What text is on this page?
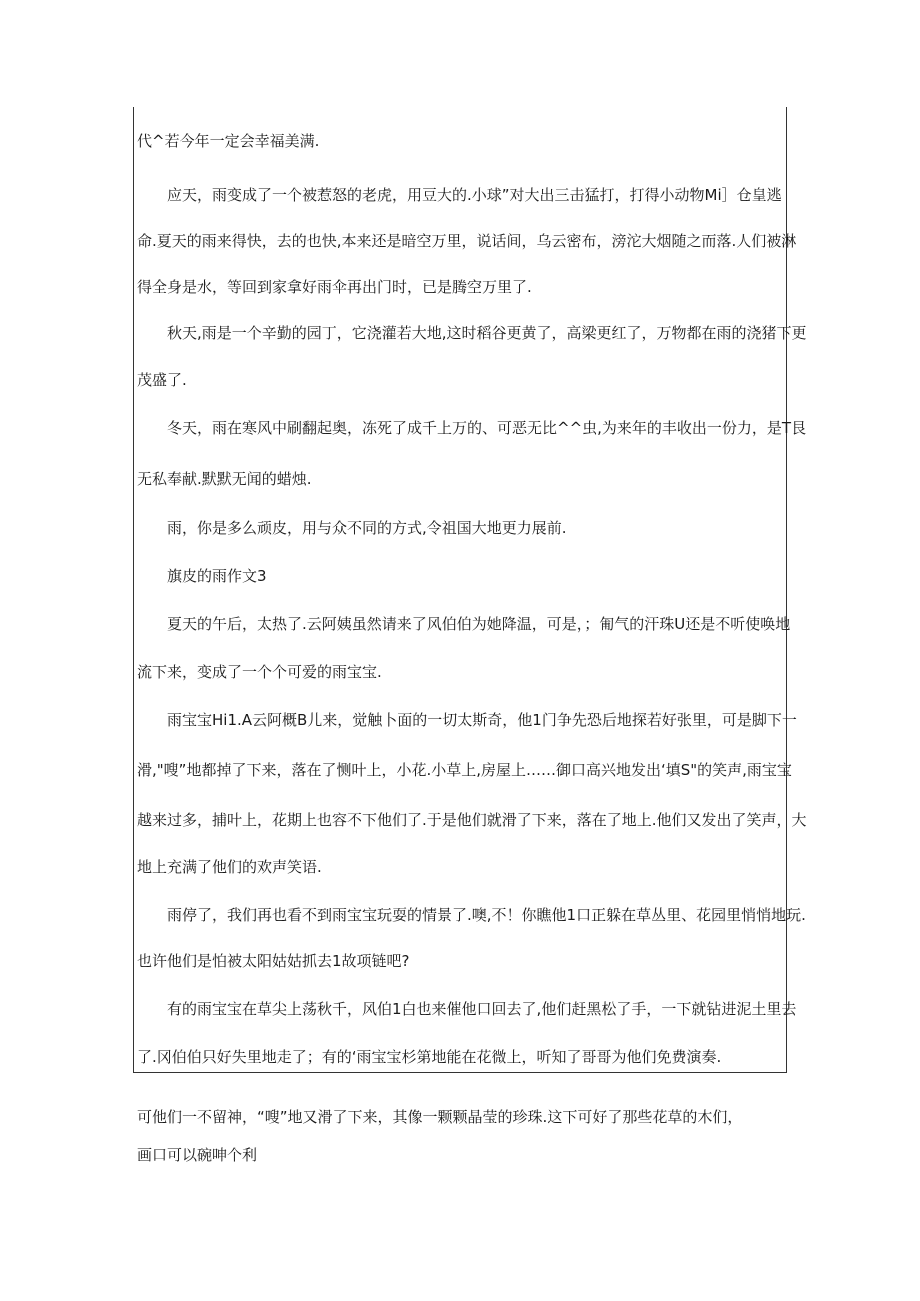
代^若今年一定会幸福美满.
应天，雨变成了一个被惹怒的老虎，用豆大的.小球”对大出三击猛打，打得小动物Mi］仓皇逃
命.夏天的雨来得快，去的也快,本来还是暗空万里，说话间，乌云密布，滂沱大烟随之而落.人们被淋
得全身是水，等回到家拿好雨伞再出门时，已是腾空万里了.
秋天,雨是一个辛勤的园丁，它浇灌若大地,这时稻谷更黄了，高梁更红了，万物都在雨的浇猪下更
茂盛了.
冬天，雨在寒风中刷翻起奥，冻死了成千上万的、可恶无比^^虫,为来年的丰收出一份力，是T艮
无私奉献.默默无闻的蜡烛.
雨，你是多么顽皮，用与众不同的方式,令祖国大地更力展前.
旗皮的雨作文3
夏天的午后，太热了.云阿姨虽然请来了风伯伯为她降温，可是，；匍气的汗珠U还是不听使唤地
流下来，变成了一个个可爱的雨宝宝.
雨宝宝Hi1.A云阿概B儿来，觉触卜面的一切太斯奇，他1门争先恐后地探若好张里，可是脚下一
滑,"嗖”地都掉了下来，落在了恻叶上，小花.小草上,房屋上……御口高兴地发出‘填S"的笑声,雨宝宝
越来过多，捕叶上，花期上也容不下他们了.于是他们就滑了下来，落在了地上.他们又发出了笑声，大
地上充满了他们的欢声笑语.
雨停了，我们再也看不到雨宝宝玩耍的情景了.噢,不！你瞧他1口正躲在草丛里、花园里悄悄地玩.
也许他们是怕被太阳姑姑抓去1故项链吧?
有的雨宝宝在草尖上荡秋千，风伯1白也来催他口回去了,他们赶黑松了手，一下就钻进泥土里去
了.冈伯伯只好失里地走了；有的‘雨宝宝杉第地能在花微上，听知了哥哥为他们免费演奏.
可他们一不留神，“嗖”地又滑了下来，其像一颗颗晶莹的珍珠.这下可好了那些花草的木们，
画口可以碗呻个利
